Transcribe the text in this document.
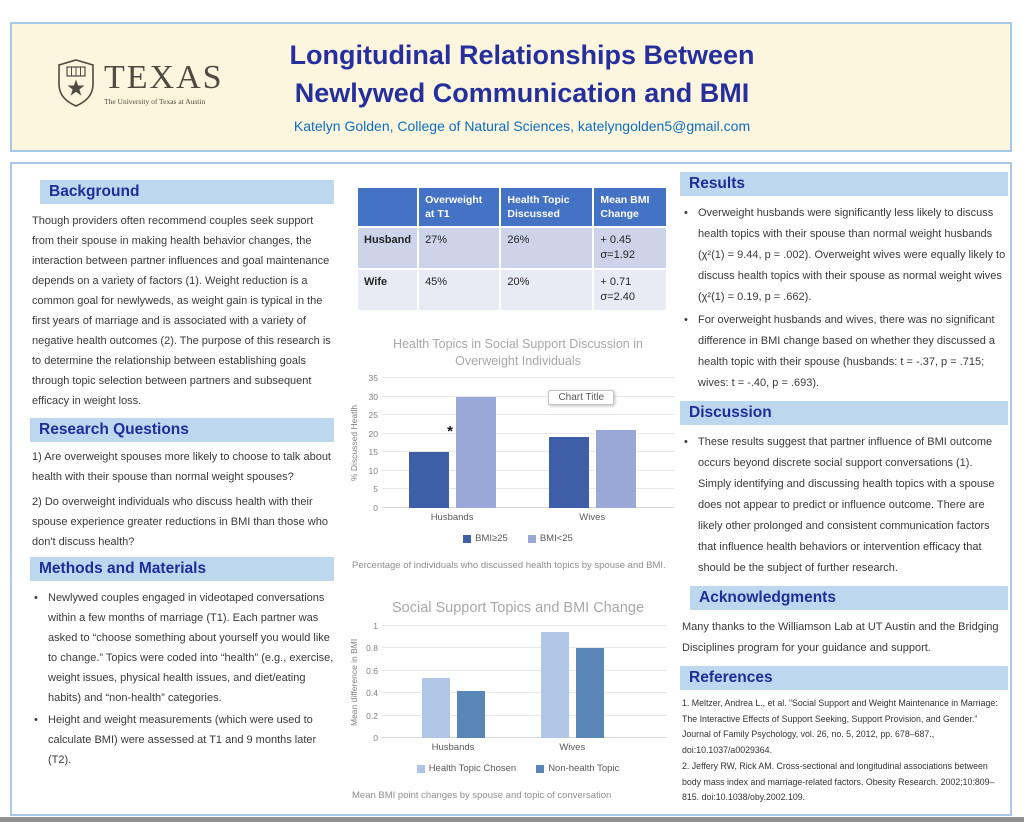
TEXAS
The University of Texas at Austin
Longitudinal Relationships Between
Newlywed Communication and BMI
Katelyn Golden, College of Natural Sciences, katelyngolden5@gmail.com
Background
Though providers often recommend couples seek support from their spouse in making health behavior changes, the interaction between partner influences and goal maintenance depends on a variety of factors (1). Weight reduction is a common goal for newlyweds, as weight gain is typical in the first years of marriage and is associated with a variety of negative health outcomes (2). The purpose of this research is to determine the relationship between establishing goals through topic selection between partners and subsequent efficacy in weight loss.
Research Questions
1) Are overweight spouses more likely to choose to talk about health with their spouse than normal weight spouses?
2) Do overweight individuals who discuss health with their spouse experience greater reductions in BMI than those who don't discuss health?
Methods and Materials
• Newlywed couples engaged in videotaped conversations within a few months of marriage (T1). Each partner was asked to “choose something about yourself you would like to change.” Topics were coded into “health” (e.g., exercise, weight issues, physical health issues, and diet/eating habits) and “non-health” categories.
• Height and weight measurements (which were used to calculate BMI) were assessed at T1 and 9 months later (T2).
	Overweight at T1	Health Topic Discussed	Mean BMI Change
Husband	27%	26%	+ 0.45
σ=1.92
Wife	45%	20%	+ 0.71
σ=2.40
Health Topics in Social Support Discussion in Overweight Individuals
% Discussed Heatlh
0
5
10
15
20
25
30
35
*
Chart Title
Husbands	Wives
BMI≥25	BMI<25
Percentage of individuals who discussed health topics by spouse and BMI.
Social Support Topics and BMI Change
Mean difference in BMI
0
0.2
0.4
0.6
0.8
1
Husbands	Wives
Health Topic Chosen	Non-health Topic
Mean BMI point changes by spouse and topic of conversation
Results
• Overweight husbands were significantly less likely to discuss health topics with their spouse than normal weight husbands (χ²(1) = 9.44, p = .002). Overweight wives were equally likely to discuss health topics with their spouse as normal weight wives (χ²(1) = 0.19, p = .662).
• For overweight husbands and wives, there was no significant difference in BMI change based on whether they discussed a health topic with their spouse (husbands: t = -.37, p = .715; wives: t = -.40, p = .693).
Discussion
• These results suggest that partner influence of BMI outcome occurs beyond discrete social support conversations (1). Simply identifying and discussing health topics with a spouse does not appear to predict or influence outcome. There are likely other prolonged and consistent communication factors that influence health behaviors or intervention efficacy that should be the subject of further research.
Acknowledgments
Many thanks to the Williamson Lab at UT Austin and the Bridging Disciplines program for your guidance and support.
References

1. Meltzer, Andrea L., et al. “Social Support and Weight Maintenance in Marriage: The Interactive Effects of Support Seeking, Support Provision, and Gender.” Journal of Family Psychology, vol. 26, no. 5, 2012, pp. 678–687., doi:10.1037/a0029364.

2. Jeffery RW, Rick AM. Cross-sectional and longitudinal associations between body mass index and marriage-related factors. Obesity Research. 2002;10:809–815. doi:10.1038/oby.2002.109.
